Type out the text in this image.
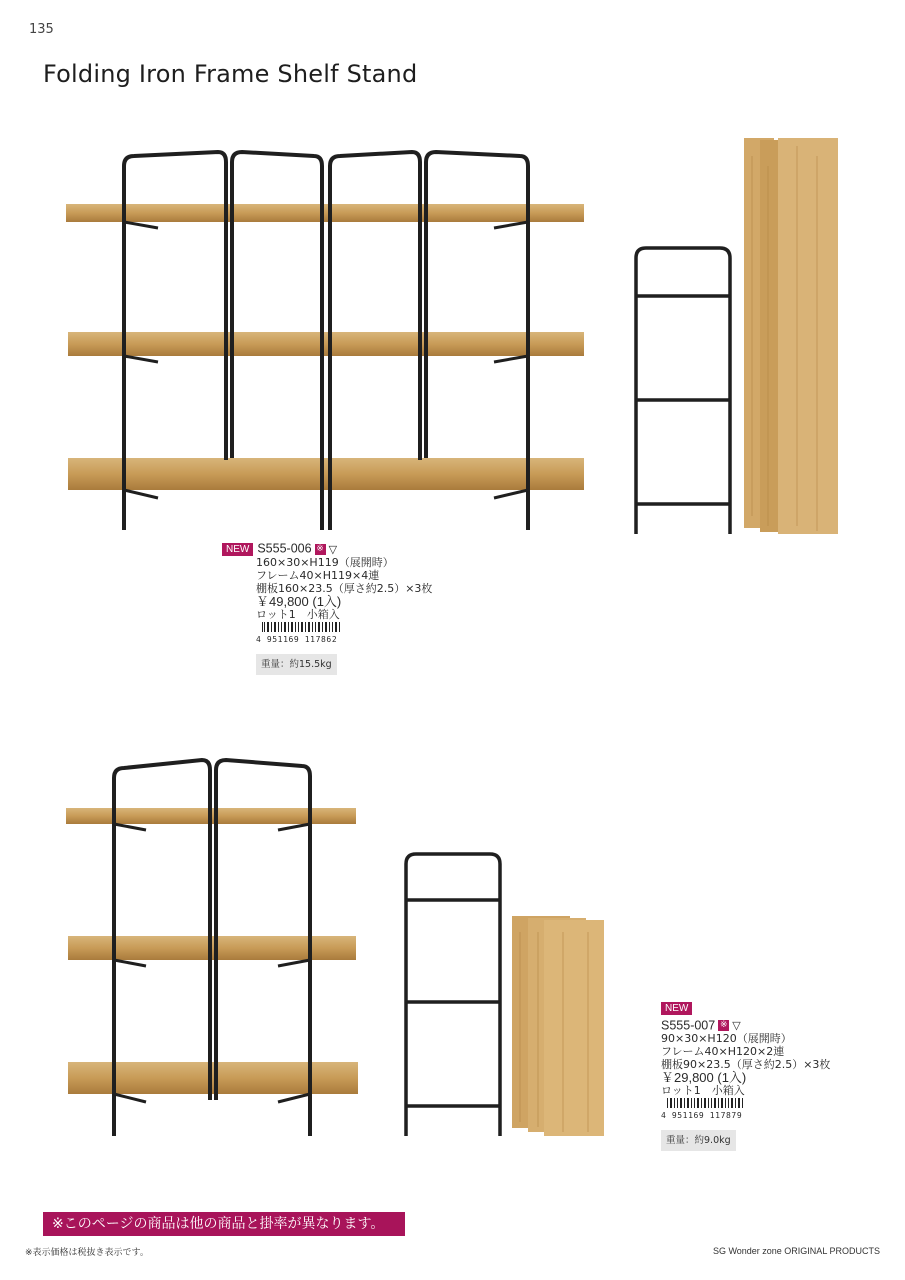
135
Folding Iron Frame Shelf Stand
NEW S555-006 ※ ▽
160×30×H119（展開時）
フレーム40×H119×4連
棚板160×23.5（厚さ約2.5）×3枚
￥49,800 (1入)
ロット1　小箱入
4 951169 117862
重量：約15.5kg
NEW
S555-007 ※ ▽
90×30×H120（展開時）
フレーム40×H120×2連
棚板90×23.5（厚さ約2.5）×3枚
￥29,800 (1入)
ロット1　小箱入
4 951169 117879
重量：約9.0kg
※このページの商品は他の商品と掛率が異なります。
※表示価格は税抜き表示です。	SG Wonder zone ORIGINAL PRODUCTS
